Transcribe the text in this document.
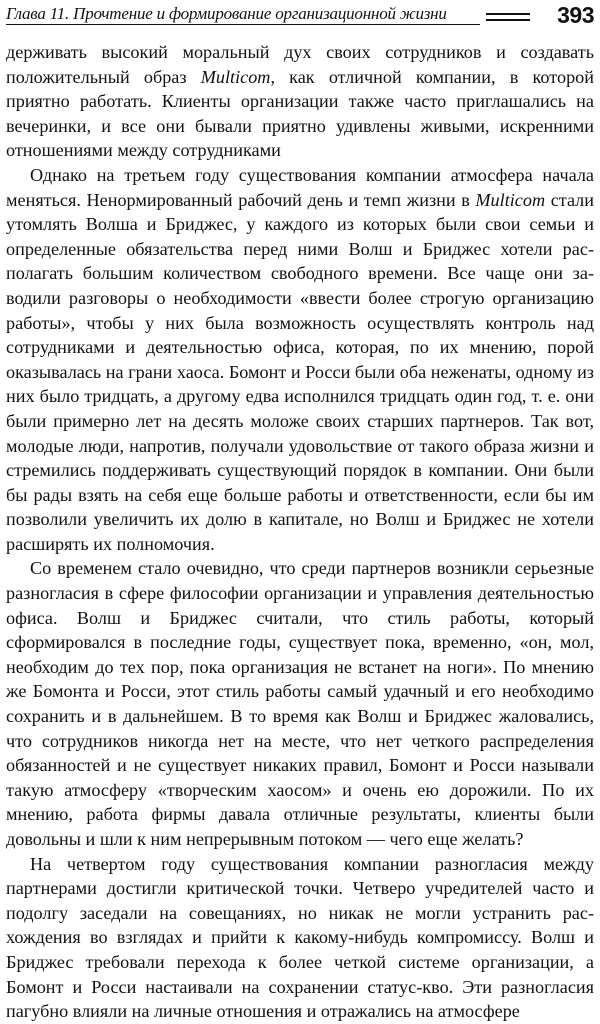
Глава 11. Прочтение и формирование организационной жизни	393

держивать высокий моральный дух своих сотрудников и создавать положительный образ Multicom, как отличной компании, в которой приятно работать. Клиенты организации также часто приглашались на вечеринки, и все они бывали приятно удивлены живыми, искренними отношениями между сотрудниками

Однако на третьем году существования компании атмосфера начала меняться. Ненормированный рабочий день и темп жизни в Multicom стали утомлять Волша и Бриджес, у каждого из которых были свои семьи и определенные обязательства перед ними Волш и Бриджес хотели располагать большим количеством свободного времени. Все чаще они заводили разговоры о необходимости «ввести более строгую организацию работы», чтобы у них была возможность осуществлять контроль над сотрудниками и деятельностью офиса, которая, по их мнению, порой оказывалась на грани хаоса. Бомонт и Росси были оба неженаты, одному из них было тридцать, а другому едва исполнился тридцать один год, т. е. они были примерно лет на десять моложе своих старших партнеров. Так вот, молодые люди, напротив, получали удовольствие от такого образа жизни и стремились поддерживать существующий порядок в компании. Они были бы рады взять на себя еще больше работы и ответственности, если бы им позволили увеличить их долю в капитале, но Волш и Бриджес не хотели расширять их полномочия.

Со временем стало очевидно, что среди партнеров возникли серьезные разногласия в сфере философии организации и управления деятельностью офиса. Волш и Бриджес считали, что стиль работы, который сформировался в последние годы, существует пока, временно, «он, мол, необходим до тех пор, пока организация не встанет на ноги». По мнению же Бомонта и Росси, этот стиль работы самый удачный и его необходимо сохранить и в дальнейшем. В то время как Волш и Бриджес жаловались, что сотрудников никогда нет на месте, что нет четкого распределения обязанностей и не существует никаких правил, Бомонт и Росси называли такую атмосферу «творческим хаосом» и очень ею дорожили. По их мнению, работа фирмы давала отличные результаты, клиенты были довольны и шли к ним непрерывным потоком — чего еще желать?

На четвертом году существования компании разногласия между партнерами достигли критической точки. Четверо учредителей часто и подолгу заседали на совещаниях, но никак не могли устранить расхождения во взглядах и прийти к какому-нибудь компромиссу. Волш и Бриджес требовали перехода к более четкой системе организации, а Бомонт и Росси настаивали на сохранении статус-кво. Эти разногласия пагубно влияли на личные отношения и отражались на атмосфере
